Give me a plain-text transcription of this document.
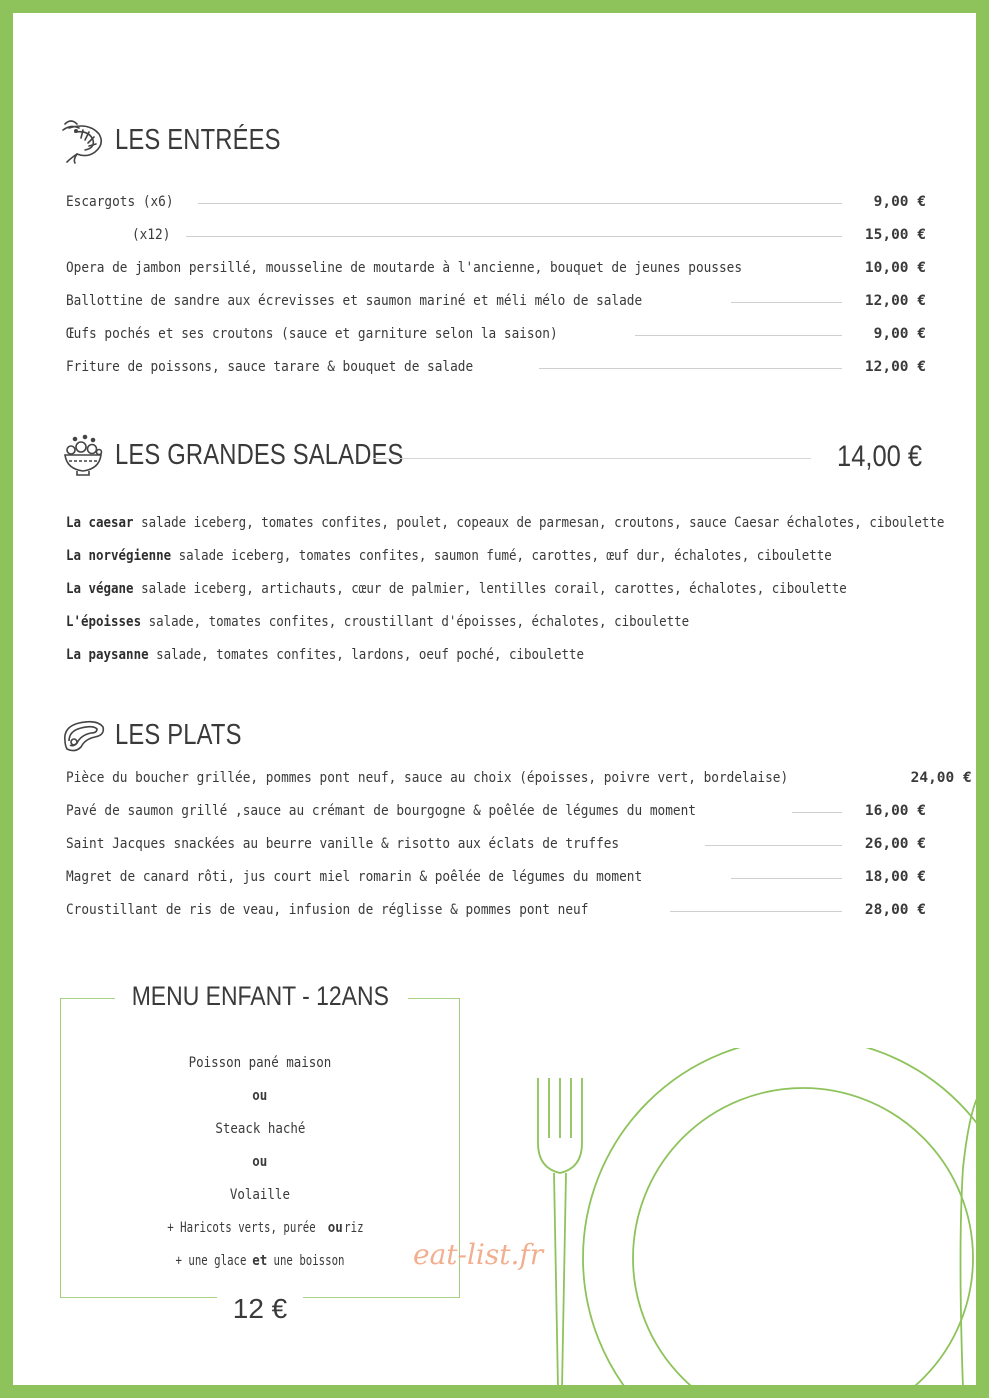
LES ENTRÉES
Escargots (x6)	9,00 €
(x12)	15,00 €
Opera de jambon persillé, mousseline de moutarde à l'ancienne, bouquet de jeunes pousses	10,00 €
Ballottine de sandre aux écrevisses et saumon mariné et méli mélo de salade	12,00 €
Œufs pochés et ses croutons (sauce et garniture selon la saison)	9,00 €
Friture de poissons, sauce tarare & bouquet de salade	12,00 €
LES GRANDES SALADES	14,00 €
La caesar salade iceberg, tomates confites, poulet, copeaux de parmesan, croutons, sauce Caesar échalotes, ciboulette
La norvégienne salade iceberg, tomates confites, saumon fumé, carottes, œuf dur, échalotes, ciboulette
La végane salade iceberg, artichauts, cœur de palmier, lentilles corail, carottes, échalotes, ciboulette
L'époisses salade, tomates confites, croustillant d'époisses, échalotes, ciboulette
La paysanne salade, tomates confites, lardons, oeuf poché, ciboulette
LES PLATS
Pièce du boucher grillée, pommes pont neuf, sauce au choix (époisses, poivre vert, bordelaise)	24,00 €
Pavé de saumon grillé ,sauce au crémant de bourgogne & poêlée de légumes du moment	16,00 €
Saint Jacques snackées au beurre vanille & risotto aux éclats de truffes	26,00 €
Magret de canard rôti, jus court miel romarin & poêlée de légumes du moment	18,00 €
Croustillant de ris de veau, infusion de réglisse & pommes pont neuf	28,00 €
MENU ENFANT - 12ANS
Poisson pané maison
ou
Steack haché
ou
Volaille
+ Haricots verts, puréeouriz
+ une glaceetune boisson
12 €
eat-list.fr
